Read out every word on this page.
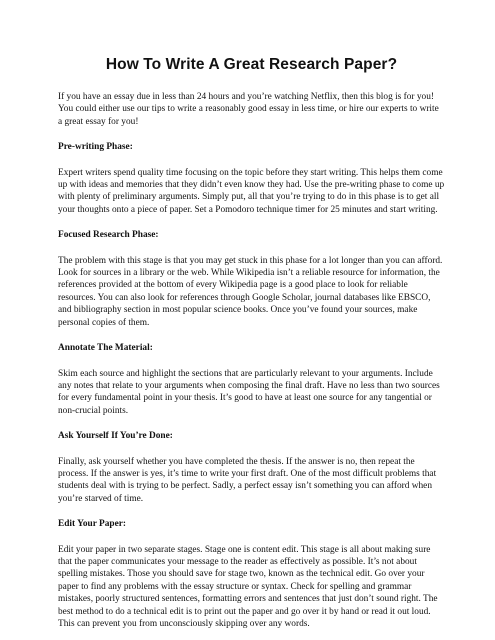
How To Write A Great Research Paper?

If you have an essay due in less than 24 hours and you’re watching Netflix, then this blog is for you! You could either use our tips to write a reasonably good essay in less time, or hire our experts to write a great essay for you!

Pre-writing Phase:

Expert writers spend quality time focusing on the topic before they start writing. This helps them come up with ideas and memories that they didn’t even know they had. Use the pre-writing phase to come up with plenty of preliminary arguments. Simply put, all that you’re trying to do in this phase is to get all your thoughts onto a piece of paper. Set a Pomodoro technique timer for 25 minutes and start writing.

Focused Research Phase:

The problem with this stage is that you may get stuck in this phase for a lot longer than you can afford. Look for sources in a library or the web. While Wikipedia isn’t a reliable resource for information, the references provided at the bottom of every Wikipedia page is a good place to look for reliable resources. You can also look for references through Google Scholar, journal databases like EBSCO, and bibliography section in most popular science books. Once you’ve found your sources, make personal copies of them.

Annotate The Material:

Skim each source and highlight the sections that are particularly relevant to your arguments. Include any notes that relate to your arguments when composing the final draft. Have no less than two sources for every fundamental point in your thesis. It’s good to have at least one source for any tangential or non-crucial points.

Ask Yourself If You’re Done:

Finally, ask yourself whether you have completed the thesis. If the answer is no, then repeat the process. If the answer is yes, it’s time to write your first draft. One of the most difficult problems that students deal with is trying to be perfect. Sadly, a perfect essay isn’t something you can afford when you’re starved of time.

Edit Your Paper:

Edit your paper in two separate stages. Stage one is content edit. This stage is all about making sure that the paper communicates your message to the reader as effectively as possible. It’s not about spelling mistakes. Those you should save for stage two, known as the technical edit. Go over your paper to find any problems with the essay structure or syntax. Check for spelling and grammar mistakes, poorly structured sentences, formatting errors and sentences that just don’t sound right. The best method to do a technical edit is to print out the paper and go over it by hand or read it out loud. This can prevent you from unconsciously skipping over any words.
